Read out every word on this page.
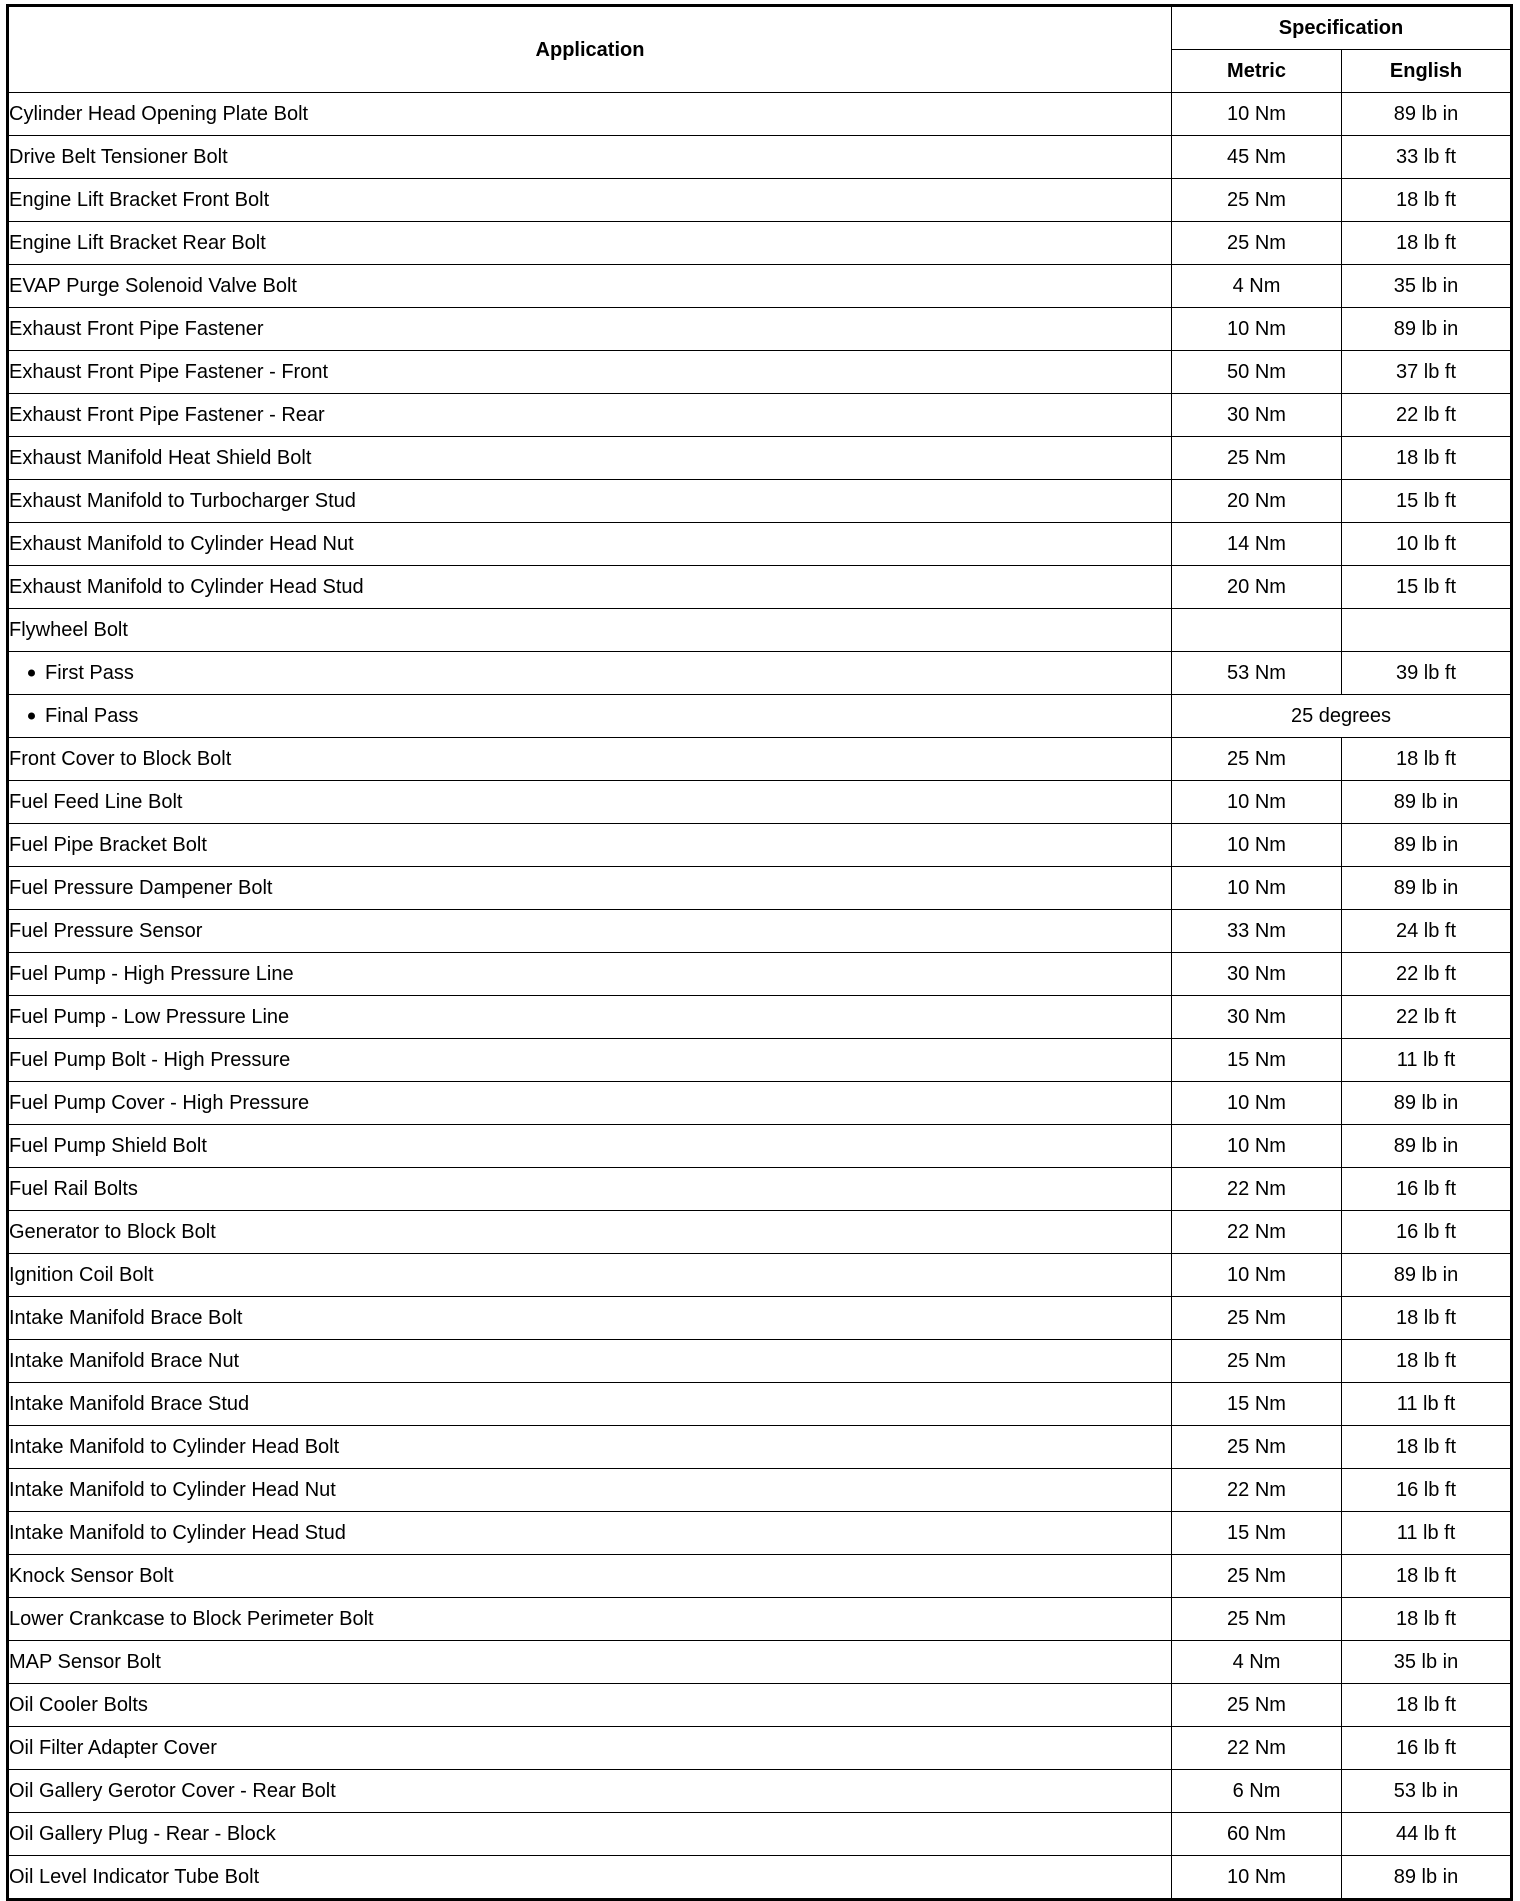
Application	Specification	
	Metric	English
Cylinder Head Opening Plate Bolt	10 Nm	89 lb in
Drive Belt Tensioner Bolt	45 Nm	33 lb ft
Engine Lift Bracket Front Bolt	25 Nm	18 lb ft
Engine Lift Bracket Rear Bolt	25 Nm	18 lb ft
EVAP Purge Solenoid Valve Bolt	4 Nm	35 lb in
Exhaust Front Pipe Fastener	10 Nm	89 lb in
Exhaust Front Pipe Fastener - Front	50 Nm	37 lb ft
Exhaust Front Pipe Fastener - Rear	30 Nm	22 lb ft
Exhaust Manifold Heat Shield Bolt	25 Nm	18 lb ft
Exhaust Manifold to Turbocharger Stud	20 Nm	15 lb ft
Exhaust Manifold to Cylinder Head Nut	14 Nm	10 lb ft
Exhaust Manifold to Cylinder Head Stud	20 Nm	15 lb ft
Flywheel Bolt		

First Pass	53 Nm	39 lb ft

Final Pass	25 degrees	
Front Cover to Block Bolt	25 Nm	18 lb ft
Fuel Feed Line Bolt	10 Nm	89 lb in
Fuel Pipe Bracket Bolt	10 Nm	89 lb in
Fuel Pressure Dampener Bolt	10 Nm	89 lb in
Fuel Pressure Sensor	33 Nm	24 lb ft
Fuel Pump - High Pressure Line	30 Nm	22 lb ft
Fuel Pump - Low Pressure Line	30 Nm	22 lb ft
Fuel Pump Bolt - High Pressure	15 Nm	11 lb ft
Fuel Pump Cover - High Pressure	10 Nm	89 lb in
Fuel Pump Shield Bolt	10 Nm	89 lb in
Fuel Rail Bolts	22 Nm	16 lb ft
Generator to Block Bolt	22 Nm	16 lb ft
Ignition Coil Bolt	10 Nm	89 lb in
Intake Manifold Brace Bolt	25 Nm	18 lb ft
Intake Manifold Brace Nut	25 Nm	18 lb ft
Intake Manifold Brace Stud	15 Nm	11 lb ft
Intake Manifold to Cylinder Head Bolt	25 Nm	18 lb ft
Intake Manifold to Cylinder Head Nut	22 Nm	16 lb ft
Intake Manifold to Cylinder Head Stud	15 Nm	11 lb ft
Knock Sensor Bolt	25 Nm	18 lb ft
Lower Crankcase to Block Perimeter Bolt	25 Nm	18 lb ft
MAP Sensor Bolt	4 Nm	35 lb in
Oil Cooler Bolts	25 Nm	18 lb ft
Oil Filter Adapter Cover	22 Nm	16 lb ft
Oil Gallery Gerotor Cover - Rear Bolt	6 Nm	53 lb in
Oil Gallery Plug - Rear - Block	60 Nm	44 lb ft
Oil Level Indicator Tube Bolt	10 Nm	89 lb in
